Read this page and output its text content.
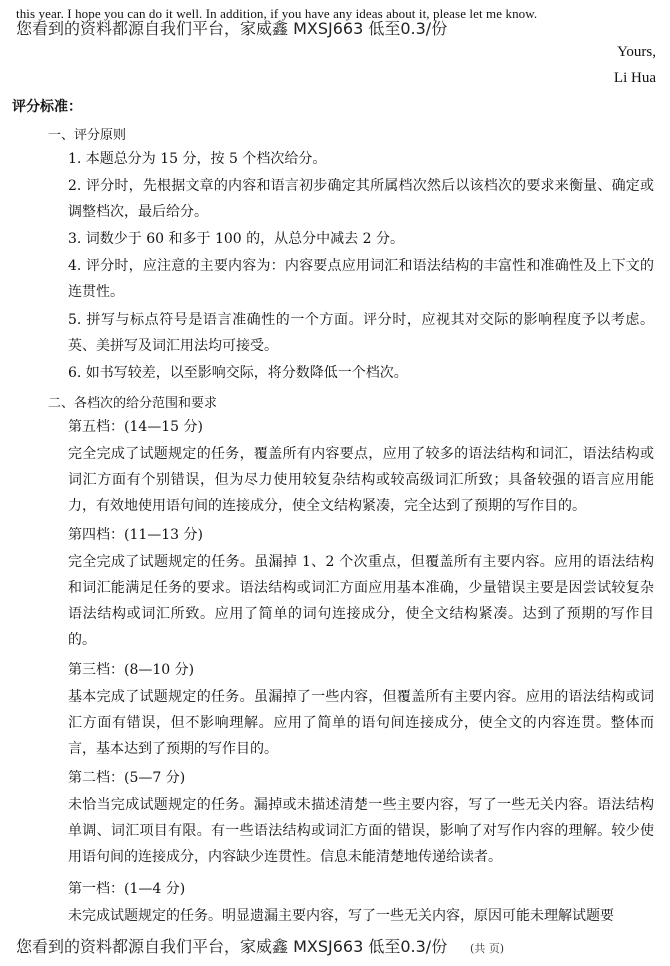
this year. I hope you can do it well. In addition, if you have any ideas about it, please let me know.
您看到的资料都源自我们平台，家威鑫 MXSJ663 低至0.3/份
Yours,
Li Hua
评分标准：
一、评分原则
1. 本题总分为 15 分，按 5 个档次给分。
2. 评分时，先根据文章的内容和语言初步确定其所属档次然后以该档次的要求来衡量、确定或调整档次，最后给分。
3. 词数少于 60 和多于 100 的，从总分中减去 2 分。
4. 评分时，应注意的主要内容为：内容要点应用词汇和语法结构的丰富性和准确性及上下文的连贯性。
5. 拼写与标点符号是语言准确性的一个方面。评分时，应视其对交际的影响程度予以考虑。英、美拼写及词汇用法均可接受。
6. 如书写较差，以至影响交际，将分数降低一个档次。
二、各档次的给分范围和要求
第五档：(14—15 分)
完全完成了试题规定的任务，覆盖所有内容要点，应用了较多的语法结构和词汇，语法结构或词汇方面有个别错误，但为尽力使用较复杂结构或较高级词汇所致；具备较强的语言应用能力，有效地使用语句间的连接成分，使全文结构紧凑，完全达到了预期的写作目的。
第四档：(11—13 分)
完全完成了试题规定的任务。虽漏掉 1、2 个次重点，但覆盖所有主要内容。应用的语法结构和词汇能满足任务的要求。语法结构或词汇方面应用基本准确，少量错误主要是因尝试较复杂语法结构或词汇所致。应用了简单的词句连接成分，使全文结构紧凑。达到了预期的写作目的。
第三档：(8—10 分)
基本完成了试题规定的任务。虽漏掉了一些内容，但覆盖所有主要内容。应用的语法结构或词汇方面有错误，但不影响理解。应用了简单的语句间连接成分，使全文的内容连贯。整体而言，基本达到了预期的写作目的。
第二档：(5—7 分)
未恰当完成试题规定的任务。漏掉或未描述清楚一些主要内容，写了一些无关内容。语法结构单调、词汇项目有限。有一些语法结构或词汇方面的错误，影响了对写作内容的理解。较少使用语句间的连接成分，内容缺少连贯性。信息未能清楚地传递给读者。
第一档：(1—4 分)
未完成试题规定的任务。明显遗漏主要内容，写了一些无关内容，原因可能未理解试题要
您看到的资料都源自我们平台，家威鑫 MXSJ663 低至0.3/份 (共 页)
